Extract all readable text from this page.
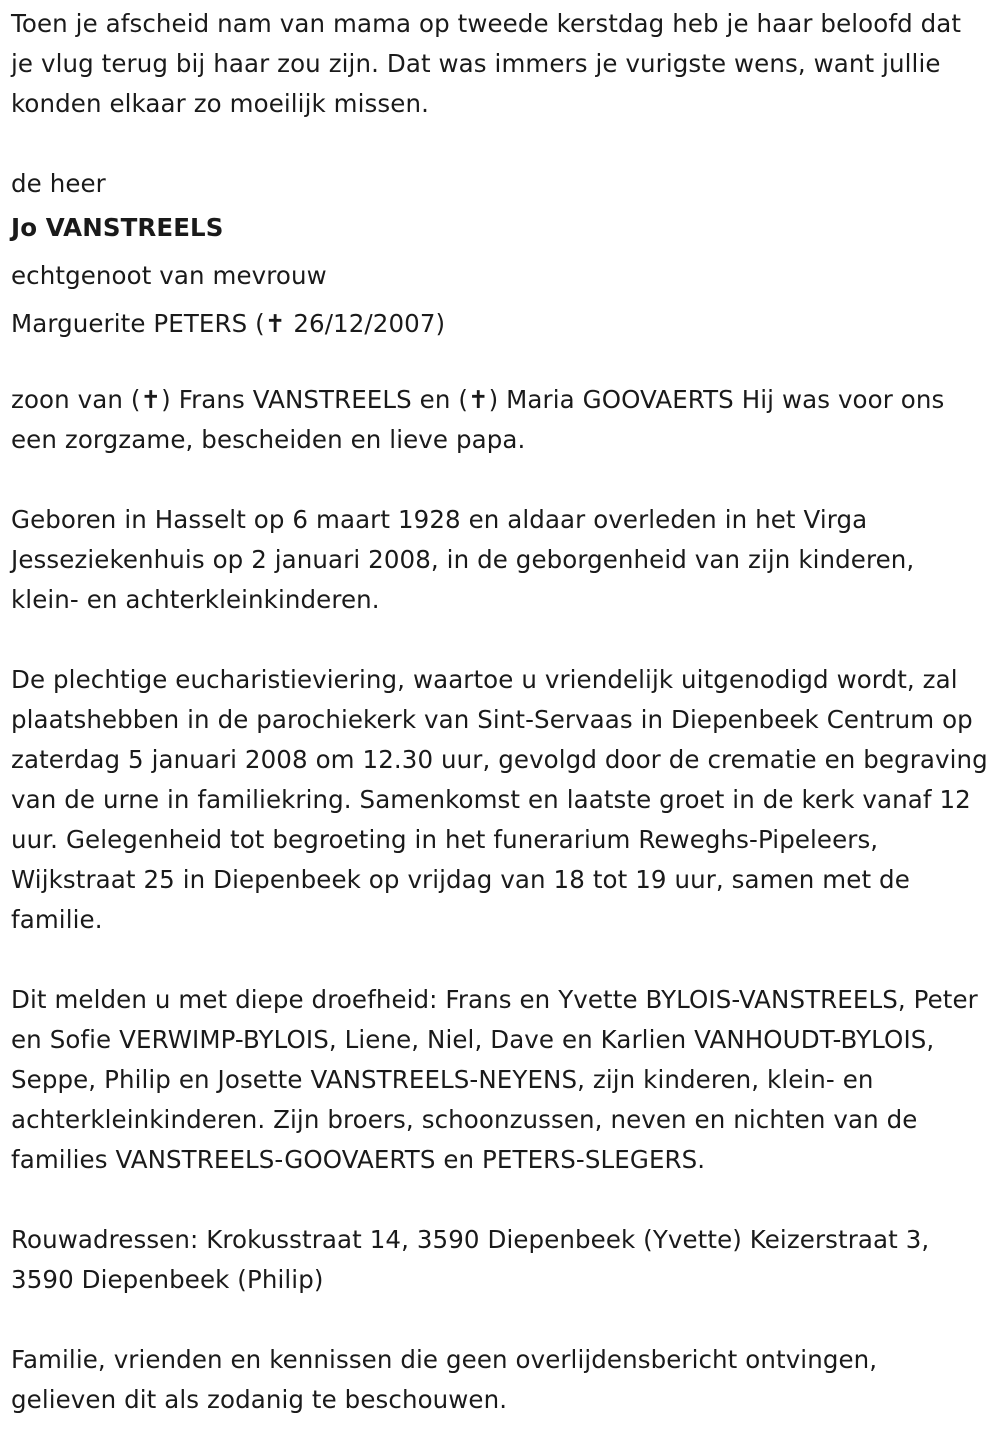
Toen je afscheid nam van mama op tweede kerstdag heb je haar beloofd dat je vlug terug bij haar zou zijn. Dat was immers je vurigste wens, want jullie konden elkaar zo moeilijk missen.

de heer

Jo VANSTREELS

echtgenoot van mevrouw

Marguerite PETERS (✝ 26/12/2007)

zoon van (✝) Frans VANSTREELS en (✝) Maria GOOVAERTS Hij was voor ons een zorgzame, bescheiden en lieve papa.

Geboren in Hasselt op 6 maart 1928 en aldaar overleden in het Virga Jesseziekenhuis op 2 januari 2008, in de geborgenheid van zijn kinderen, klein- en achterkleinkinderen.

De plechtige eucharistieviering, waartoe u vriendelijk uitgenodigd wordt, zal plaatshebben in de parochiekerk van Sint-Servaas in Diepenbeek Centrum op zaterdag 5 januari 2008 om 12.30 uur, gevolgd door de crematie en begraving van de urne in familiekring. Samenkomst en laatste groet in de kerk vanaf 12 uur. Gelegenheid tot begroeting in het funerarium Reweghs-Pipeleers, Wijkstraat 25 in Diepenbeek op vrijdag van 18 tot 19 uur, samen met de familie.

Dit melden u met diepe droefheid: Frans en Yvette BYLOIS-VANSTREELS, Peter en Sofie VERWIMP-BYLOIS, Liene, Niel, Dave en Karlien VANHOUDT-BYLOIS, Seppe, Philip en Josette VANSTREELS-NEYENS, zijn kinderen, klein- en achterkleinkinderen. Zijn broers, schoonzussen, neven en nichten van de families VANSTREELS-GOOVAERTS en PETERS-SLEGERS.

Rouwadressen: Krokusstraat 14, 3590 Diepenbeek (Yvette) Keizerstraat 3, 3590 Diepenbeek (Philip)

Familie, vrienden en kennissen die geen overlijdensbericht ontvingen, gelieven dit als zodanig te beschouwen.
